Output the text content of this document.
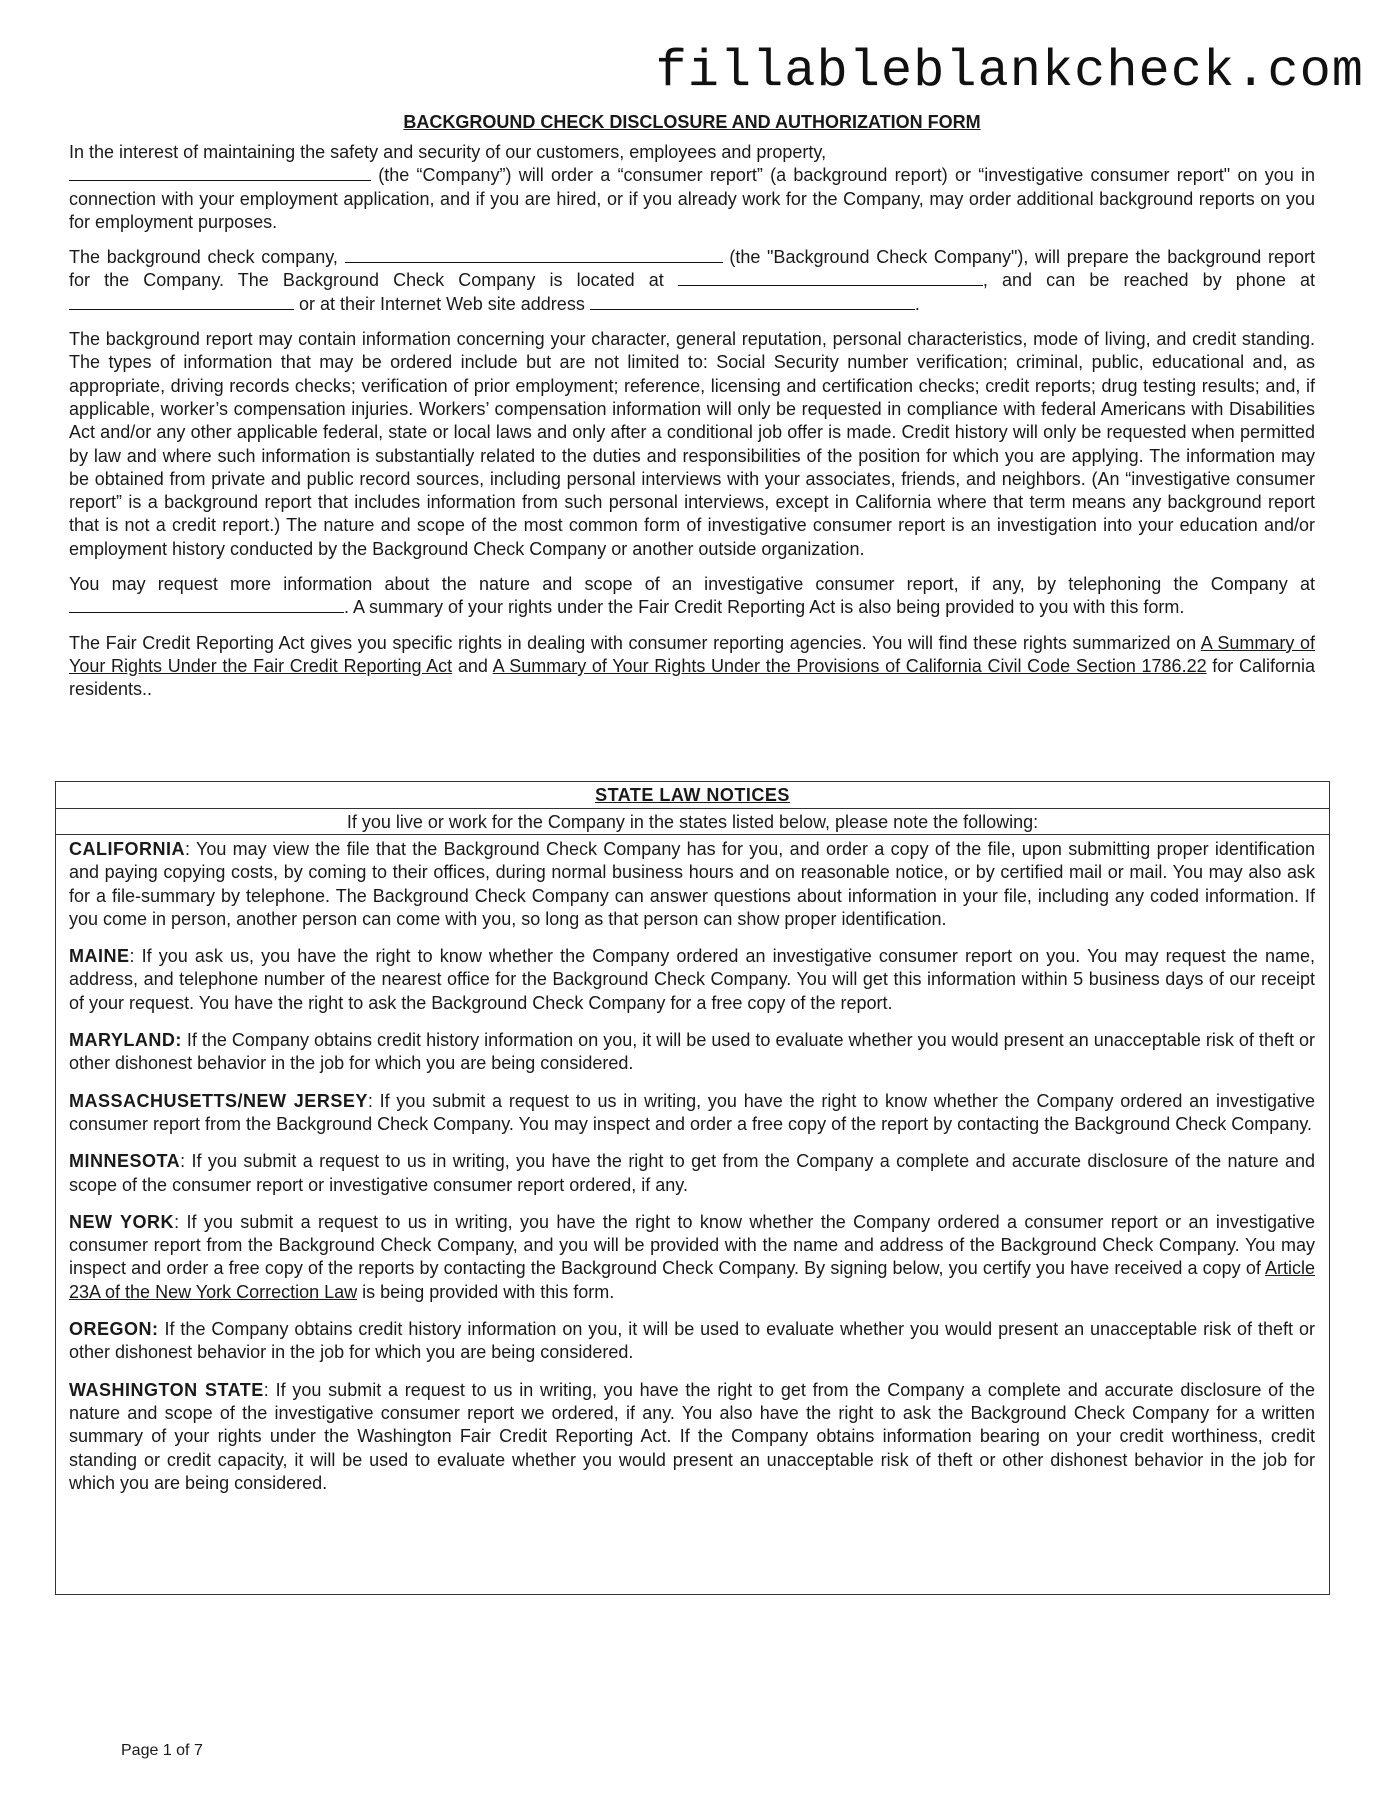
fillableblankcheck.com
BACKGROUND CHECK DISCLOSURE AND AUTHORIZATION FORM

In the interest of maintaining the safety and security of our customers, employees and property,
(the “Company”) will order a “consumer report” (a background report) or “investigative consumer report" on you in connection with your employment application, and if you are hired, or if you already work for the Company, may order additional background reports on you for employment purposes.

The background check company,	(the "Background Check Company"), will prepare the background report for the Company. The Background Check Company is located at	, and can be reached by phone at  or at their Internet Web site address	.

The background report may contain information concerning your character, general reputation, personal characteristics, mode of living, and credit standing. The types of information that may be ordered include but are not limited to: Social Security number verification; criminal, public, educational and, as appropriate, driving records checks; verification of prior employment; reference, licensing and certification checks; credit reports; drug testing results; and, if applicable, worker’s compensation injuries. Workers’ compensation information will only be requested in compliance with federal Americans with Disabilities Act and/or any other applicable federal, state or local laws and only after a conditional job offer is made. Credit history will only be requested when permitted by law and where such information is substantially related to the duties and responsibilities of the position for which you are applying. The information may be obtained from private and public record sources, including personal interviews with your associates, friends, and neighbors. (An “investigative consumer report” is a background report that includes information from such personal interviews, except in California where that term means any background report that is not a credit report.) The nature and scope of the most common form of investigative consumer report is an investigation into your education and/or employment history conducted by the Background Check Company or another outside organization.

You may request more information about the nature and scope of an investigative consumer report, if any, by telephoning the Company at . A summary of your rights under the Fair Credit Reporting Act is also being provided to you with this form.

The Fair Credit Reporting Act gives you specific rights in dealing with consumer reporting agencies. You will find these rights summarized on A Summary of Your Rights Under the Fair Credit Reporting Act and A Summary of Your Rights Under the Provisions of California Civil Code Section 1786.22 for California residents..

STATE LAW NOTICES
If you live or work for the Company in the states listed below, please note the following:

CALIFORNIA: You may view the file that the Background Check Company has for you, and order a copy of the file, upon submitting proper identification and paying copying costs, by coming to their offices, during normal business hours and on reasonable notice, or by certified mail or mail. You may also ask for a file-summary by telephone. The Background Check Company can answer questions about information in your file, including any coded information. If you come in person, another person can come with you, so long as that person can show proper identification.

MAINE: If you ask us, you have the right to know whether the Company ordered an investigative consumer report on you. You may request the name, address, and telephone number of the nearest office for the Background Check Company. You will get this information within 5 business days of our receipt of your request. You have the right to ask the Background Check Company for a free copy of the report.

MARYLAND: If the Company obtains credit history information on you, it will be used to evaluate whether you would present an unacceptable risk of theft or other dishonest behavior in the job for which you are being considered.

MASSACHUSETTS/NEW JERSEY: If you submit a request to us in writing, you have the right to know whether the Company ordered an investigative consumer report from the Background Check Company. You may inspect and order a free copy of the report by contacting the Background Check Company.

MINNESOTA: If you submit a request to us in writing, you have the right to get from the Company a complete and accurate disclosure of the nature and scope of the consumer report or investigative consumer report ordered, if any.

NEW YORK: If you submit a request to us in writing, you have the right to know whether the Company ordered a consumer report or an investigative consumer report from the Background Check Company, and you will be provided with the name and address of the Background Check Company. You may inspect and order a free copy of the reports by contacting the Background Check Company. By signing below, you certify you have received a copy of Article 23A of the New York Correction Law is being provided with this form.

OREGON: If the Company obtains credit history information on you, it will be used to evaluate whether you would present an unacceptable risk of theft or other dishonest behavior in the job for which you are being considered.

WASHINGTON STATE: If you submit a request to us in writing, you have the right to get from the Company a complete and accurate disclosure of the nature and scope of the investigative consumer report we ordered, if any. You also have the right to ask the Background Check Company for a written summary of your rights under the Washington Fair Credit Reporting Act. If the Company obtains information bearing on your credit worthiness, credit standing or credit capacity, it will be used to evaluate whether you would present an unacceptable risk of theft or other dishonest behavior in the job for which you are being considered.

Page 1 of 7
